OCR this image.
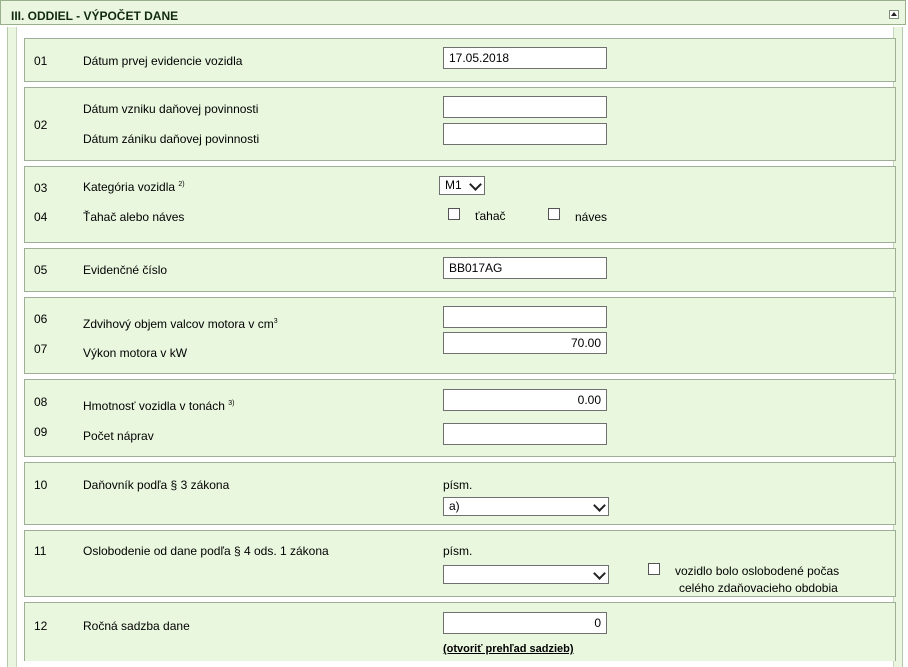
III. ODDIEL - VÝPOČET DANE
01	Dátum prvej evidencie vozidla
17.05.2018
02
Dátum vzniku daňovej povinnosti
Dátum zániku daňovej povinnosti
03	Kategória vozidla $^{2)}$	M1
04	Ťahač alebo náves	ťahač	náves
05	Evidenčné číslo
BB017AG
06	Zdvihový objem valcov motora v $cm^3$
07	Výkon motora v kW
70.00
08	Hmotnosť vozidla v tonách $^{3)}$
0.00
09	Počet náprav
10	Daňovník podľa § 3 zákona	písm.
a)
11	Oslobodenie od dane podľa § 4 ods. 1 zákona	písm.
vozidlo bolo oslobodené počas
celého zdaňovacieho obdobia
12	Ročná sadzba dane
0
(otvoriť prehľad sadzieb)
